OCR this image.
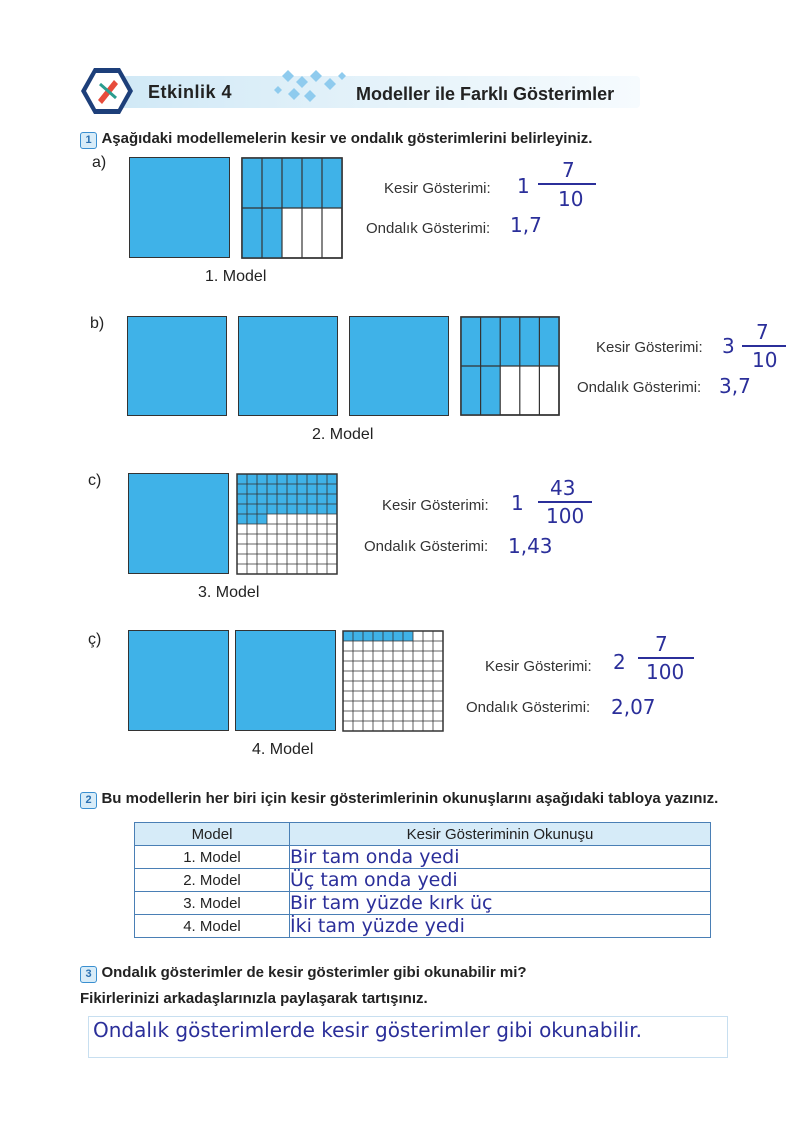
Etkinlik 4	Modeller ile Farklı Gösterimler
1 Aşağıdaki modellemelerin kesir ve ondalık gösterimlerini belirleyiniz.
a)
Kesir Gösterimi: 1
7
10
Ondalık Gösterimi: 1,7
1. Model
b)
Kesir Gösterimi: 3
7
10
Ondalık Gösterimi: 3,7
2. Model
c)
Kesir Gösterimi: 1
43
100
Ondalık Gösterimi: 1,43
3. Model
ç)
Kesir Gösterimi: 2
7
100
Ondalık Gösterimi: 2,07
4. Model
2 Bu modellerin her biri için kesir gösterimlerinin okunuşlarını aşağıdaki tabloya yazınız.
Model	Kesir Gösteriminin Okunuşu
1. Model	Bir tam onda yedi
2. Model	Üç tam onda yedi
3. Model	Bir tam yüzde kırk üç
4. Model	İki tam yüzde yedi
3 Ondalık gösterimler de kesir gösterimler gibi okunabilir mi?
Fikirlerinizi arkadaşlarınızla paylaşarak tartışınız.
Ondalık gösterimlerde kesir gösterimler gibi okunabilir.
